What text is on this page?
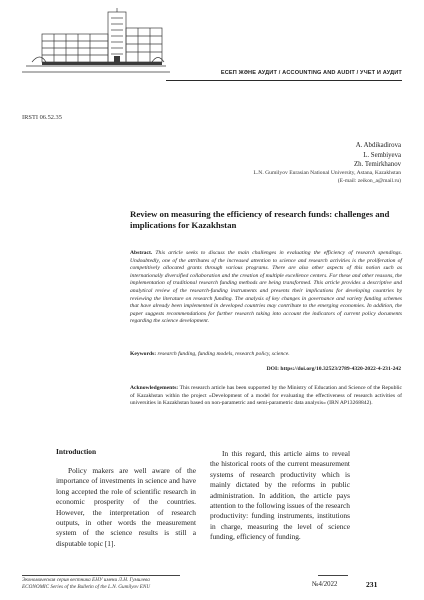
ЕСЕП ЖӘНЕ АУДИТ / ACCOUNTING AND AUDIT / УЧЕТ И АУДИТ
IRSTI 06.52.35
A. Abdikadirova
L. Sembiyeva
Zh. Temirkhanov
L.N. Gumilyov Eurasian National University, Astana, Kazakhstan
(E-mail: zeikon_a@mail.ru)
Review on measuring the efficiency of research funds: challenges and implications for Kazakhstan
Abstract. This article seeks to discuss the main challenges in evaluating the efficiency of research spendings. Undoubtedly, one of the attributes of the increased attention to science and research activities is the proliferation of competitively allocated grants through various programs. There are also other aspects of this notion such as internationally diversified collaboration and the creation of multiple excellence centers. For these and other reasons, the implementation of traditional research funding methods are being transformed. This article provides a descriptive and analytical review of the research-funding instruments and presents their implications for developing countries by reviewing the literature on research funding. The analysis of key changes in governance and variety funding schemes that have already been implemented in developed countries may contribute to the emerging economies. In addition, the paper suggests recommendations for further research taking into account the indicators of current policy documents regarding the science development.
Keywords: research funding, funding models, research policy, science.
DOI: https://doi.org/10.32523/2789-4320-2022-4-231-242
Acknowledgements: This research article has been supported by the Ministry of Education and Science of the Republic of Kazakhstan within the project «Development of a model for evaluating the effectiveness of research activities of universities in Kazakhstan based on non-parametric and semi-parametric data analysis» (IRN AP13268842).
Introduction
Policy makers are well aware of the importance of investments in science and have long accepted the role of scientific research in economic prosperity of the countries. However, the interpretation of research outputs, in other words the measurement system of the science results is still a disputable topic [1].
In this regard, this article aims to reveal the historical roots of the current measurement systems of research productivity which is mainly dictated by the reforms in public administration. In addition, the article pays attention to the following issues of the research productivity: funding instruments, institutions in charge, measuring the level of science funding, efficiency of funding.
Экономическая серия вестника ЕНУ имени Л.Н. Гумилева
ECONOMIC Series of the Bulletin of the L.N. Gumilyov ENU	№4/2022	231
